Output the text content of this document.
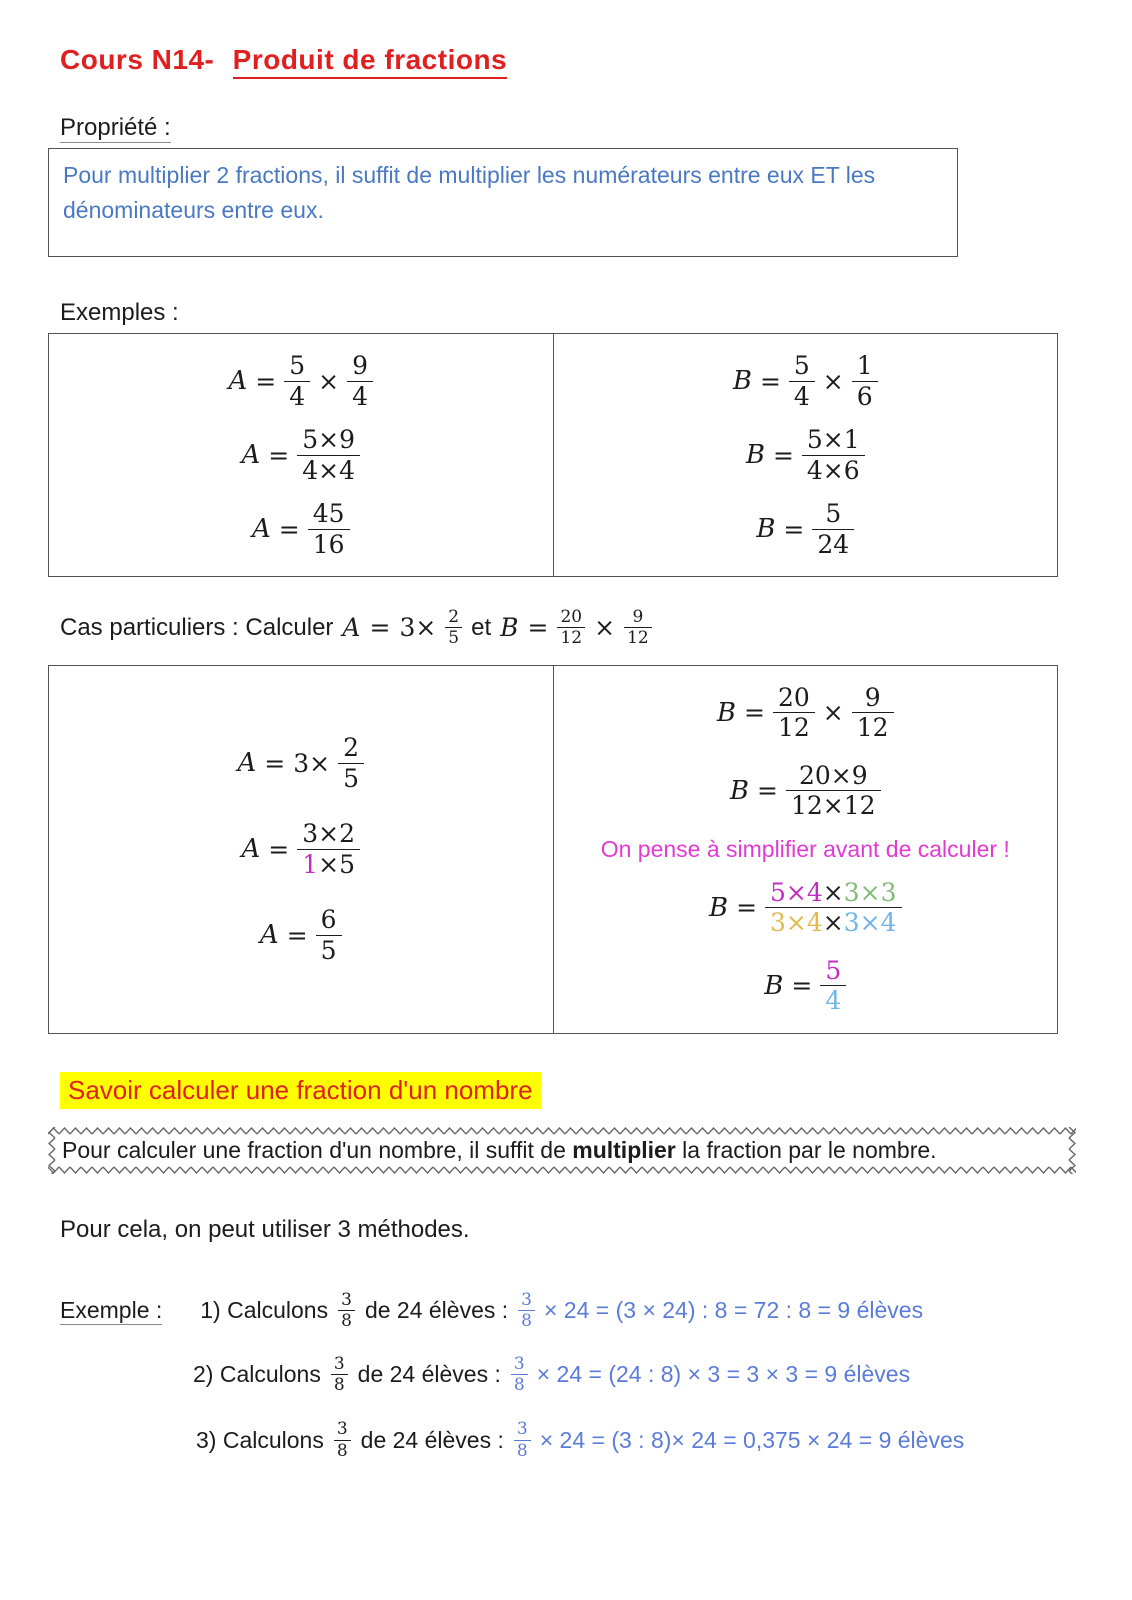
Cours N14- Produit de fractions
Propriété :
Pour multiplier 2 fractions, il suffit de multiplier les numérateurs entre eux ET les dénominateurs entre eux.
Exemples :
$A = \frac{5}{4} \times \frac{9}{4}$
$A = \frac{5\times 9}{4\times 4}$
$A = \frac{45}{16}$

$B = \frac{5}{4} \times \frac{1}{6}$
$B = \frac{5\times 1}{4\times 6}$
$B = \frac{5}{24}$
Cas particuliers : Calculer $A = 3\times \frac{2}{5}$ et $B = \frac{20}{12} \times \frac{9}{12}$
$A = 3\times \frac{2}{5}$
$A = \frac{3\times 2}{1\times 5}$
$A = \frac{6}{5}$

$B = \frac{20}{12} \times \frac{9}{12}$
$B = \frac{20\times 9}{12\times 12}$
On pense à simplifier avant de calculer !
$B = \frac{5\times 4\times 3\times 3}{3\times 4\times 3\times 4}$
$B = \frac{5}{4}$
Savoir calculer une fraction d'un nombre
Pour calculer une fraction d'un nombre, il suffit de multiplier la fraction par le nombre.
Pour cela, on peut utiliser 3 méthodes.
Exemple : 1) Calculons $\frac{3}{8}$ de 24 élèves : $\frac{3}{8} \times 24 = (3 \times 24)$ : 8 = 72 : 8 = 9 élèves
2) Calculons $\frac{3}{8}$ de 24 élèves : $\frac{3}{8} \times 24 = (24$ : 8) × 3 = 3 × 3 = 9 élèves
3) Calculons $\frac{3}{8}$ de 24 élèves : $\frac{3}{8} \times 24 = (3$ : 8)× 24 = 0,375 × 24 = 9 élèves
